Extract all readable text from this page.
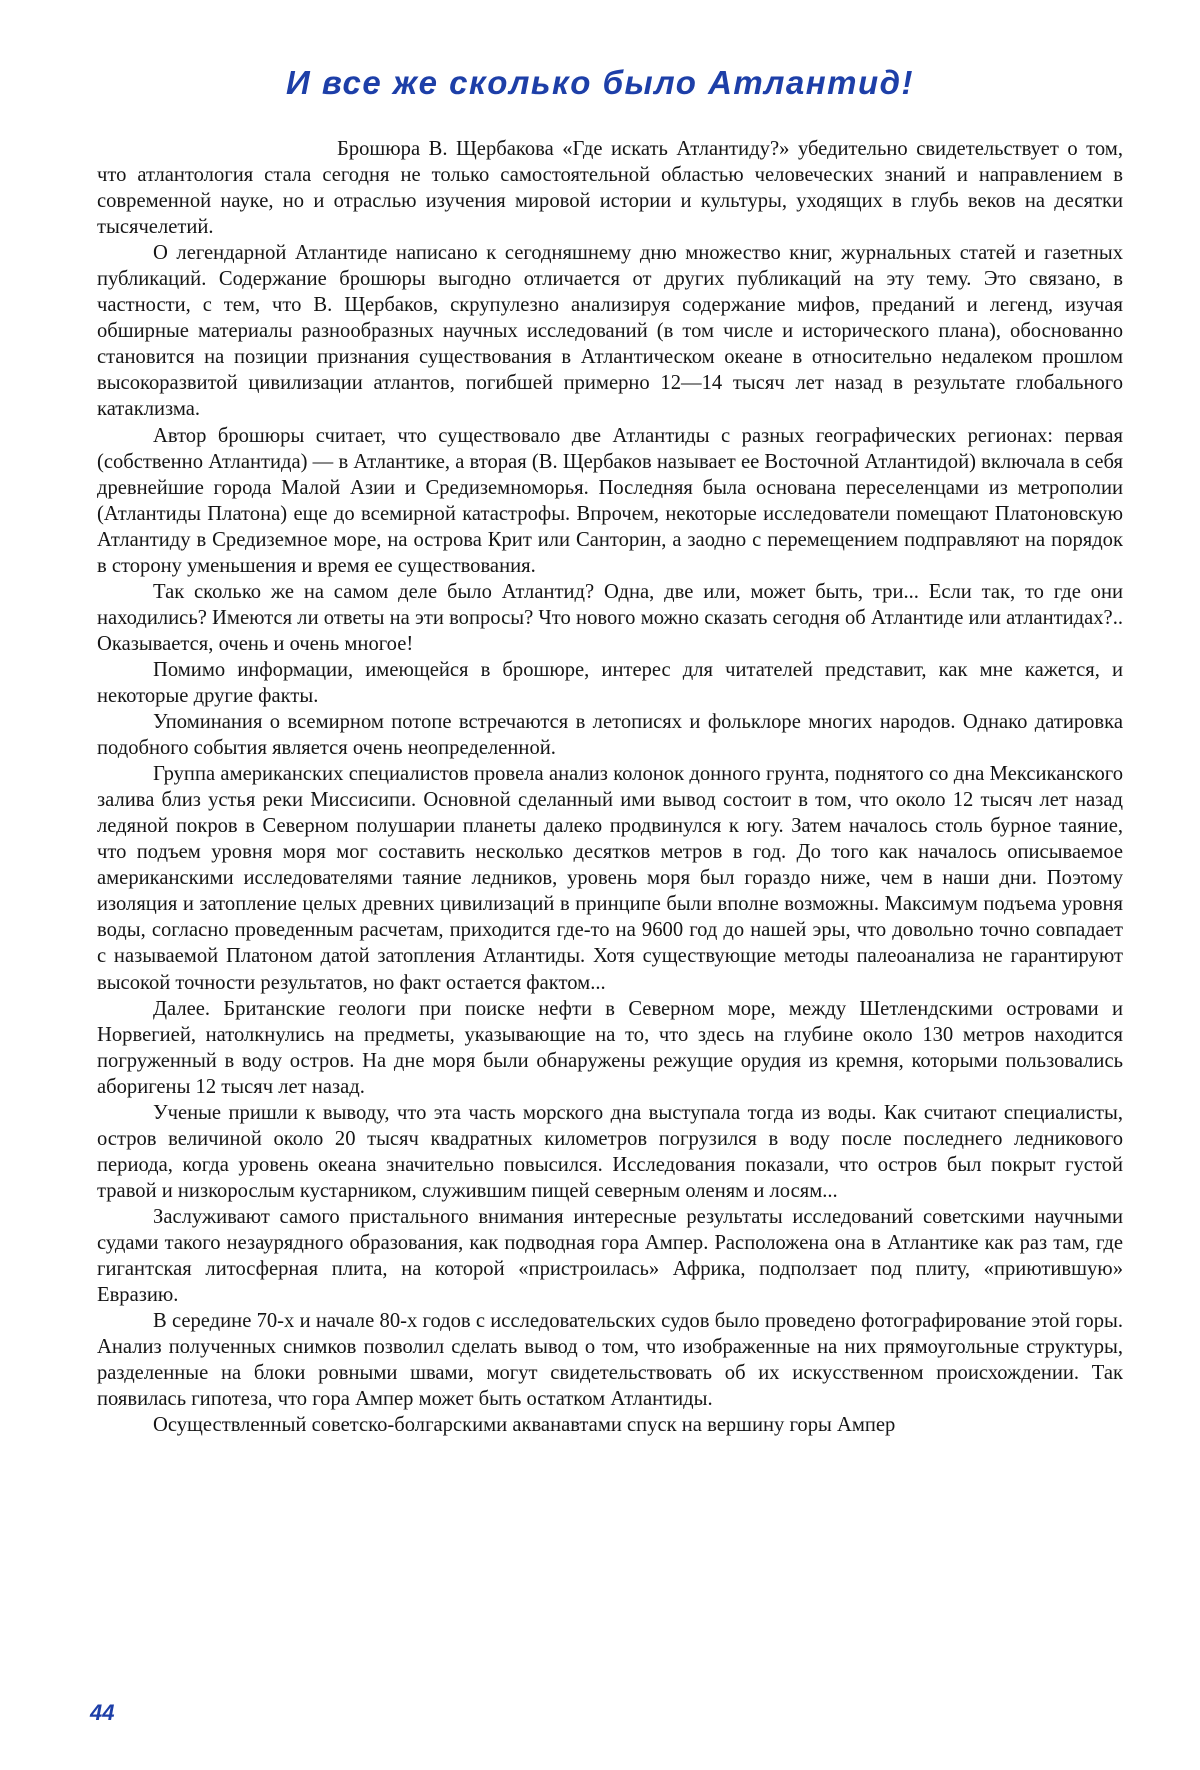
И все же сколько было Атлантид!

Брошюра В. Щербакова «Где искать Атлантиду?» убедительно свидетельствует о том, что атлантология стала сегодня не только самостоятельной областью человеческих знаний и направлением в современной науке, но и отраслью изучения мировой истории и культуры, уходящих в глубь веков на десятки тысячелетий.

О легендарной Атлантиде написано к сегодняшнему дню множество книг, журнальных статей и газетных публикаций. Содержание брошюры выгодно отличается от других публикаций на эту тему. Это связано, в частности, с тем, что В. Щербаков, скрупулезно анализируя содержание мифов, преданий и легенд, изучая обширные материалы разнообразных научных исследований (в том числе и исторического плана), обоснованно становится на позиции признания существования в Атлантическом океане в относительно недалеком прошлом высокоразвитой цивилизации атлантов, погибшей примерно 12—14 тысяч лет назад в результате глобального катаклизма.

Автор брошюры считает, что существовало две Атлантиды с разных географических регионах: первая (собственно Атлантида) — в Атлантике, а вторая (В. Щербаков называет ее Восточной Атлантидой) включала в себя древнейшие города Малой Азии и Средиземноморья. Последняя была основана переселенцами из метрополии (Атлантиды Платона) еще до всемирной катастрофы. Впрочем, некоторые исследователи помещают Платоновскую Атлантиду в Средиземное море, на острова Крит или Санторин, а заодно с перемещением подправляют на порядок в сторону уменьшения и время ее существования.

Так сколько же на самом деле было Атлантид? Одна, две или, может быть, три... Если так, то где они находились? Имеются ли ответы на эти вопросы? Что нового можно сказать сегодня об Атлантиде или атлантидах?.. Оказывается, очень и очень многое!

Помимо информации, имеющейся в брошюре, интерес для читателей представит, как мне кажется, и некоторые другие факты.

Упоминания о всемирном потопе встречаются в летописях и фольклоре многих народов. Однако датировка подобного события является очень неопределенной.

Группа американских специалистов провела анализ колонок донного грунта, поднятого со дна Мексиканского залива близ устья реки Миссисипи. Основной сделанный ими вывод состоит в том, что около 12 тысяч лет назад ледяной покров в Северном полушарии планеты далеко продвинулся к югу. Затем началось столь бурное таяние, что подъем уровня моря мог составить несколько десятков метров в год. До того как началось описываемое американскими исследователями таяние ледников, уровень моря был гораздо ниже, чем в наши дни. Поэтому изоляция и затопление целых древних цивилизаций в принципе были вполне возможны. Максимум подъема уровня воды, согласно проведенным расчетам, приходится где-то на 9600 год до нашей эры, что довольно точно совпадает с называемой Платоном датой затопления Атлантиды. Хотя существующие методы палеоанализа не гарантируют высокой точности результатов, но факт остается фактом...

Далее. Британские геологи при поиске нефти в Северном море, между Шетлендскими островами и Норвегией, натолкнулись на предметы, указывающие на то, что здесь на глубине около 130 метров находится погруженный в воду остров. На дне моря были обнаружены режущие орудия из кремня, которыми пользовались аборигены 12 тысяч лет назад.

Ученые пришли к выводу, что эта часть морского дна выступала тогда из воды. Как считают специалисты, остров величиной около 20 тысяч квадратных километров погрузился в воду после последнего ледникового периода, когда уровень океана значительно повысился. Исследования показали, что остров был покрыт густой травой и низкорослым кустарником, служившим пищей северным оленям и лосям...

Заслуживают самого пристального внимания интересные результаты исследований советскими научными судами такого незаурядного образования, как подводная гора Ампер. Расположена она в Атлантике как раз там, где гигантская литосферная плита, на которой «пристроилась» Африка, подползает под плиту, «приютившую» Евразию.

В середине 70-х и начале 80-х годов с исследовательских судов было проведено фотографирование этой горы. Анализ полученных снимков позволил сделать вывод о том, что изображенные на них прямоугольные структуры, разделенные на блоки ровными швами, могут свидетельствовать об их искусственном происхождении. Так появилась гипотеза, что гора Ампер может быть остатком Атлантиды.

Осуществленный советско-болгарскими акванавтами спуск на вершину горы Ампер

44
